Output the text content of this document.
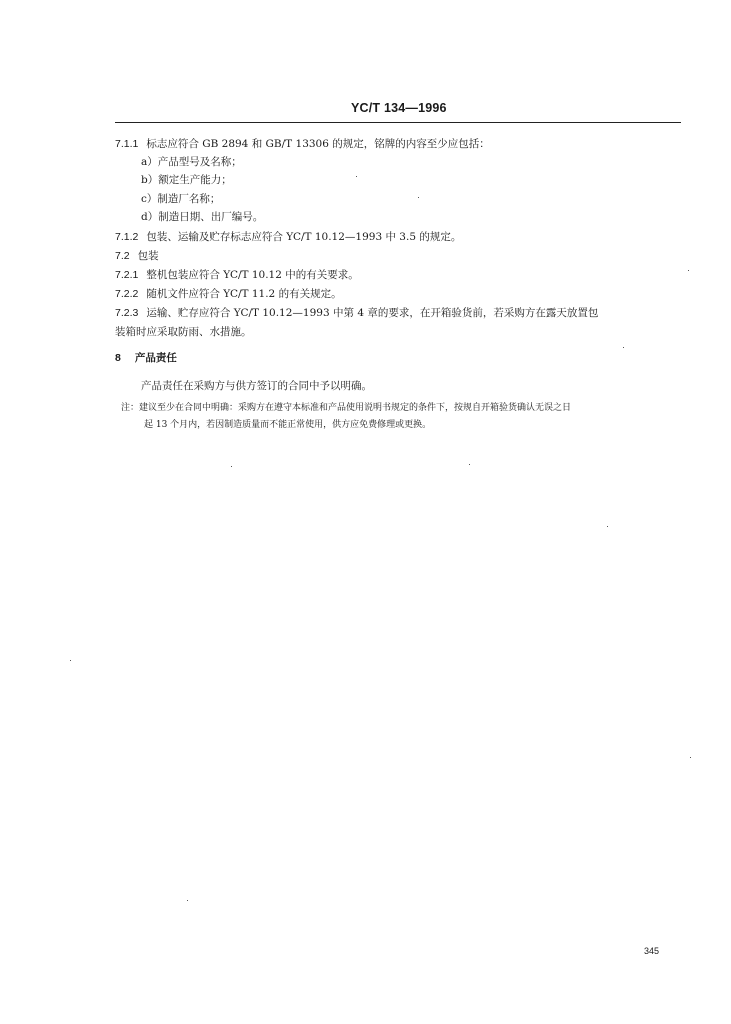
YC/T 134—1996
7.1.1 标志应符合 GB 2894 和 GB/T 13306 的规定，铭牌的内容至少应包括：
a）产品型号及名称；
b）额定生产能力；
c）制造厂名称；
d）制造日期、出厂编号。
7.1.2 包装、运输及贮存标志应符合 YC/T 10.12—1993 中 3.5 的规定。
7.2 包装
7.2.1 整机包装应符合 YC/T 10.12 中的有关要求。
7.2.2 随机文件应符合 YC/T 11.2 的有关规定。
7.2.3 运输、贮存应符合 YC/T 10.12—1993 中第 4 章的要求，在开箱验货前，若采购方在露天放置包
装箱时应采取防雨、水措施。
8 产品责任
产品责任在采购方与供方签订的合同中予以明确。
注：建议至少在合同中明确：采购方在遵守本标准和产品使用说明书规定的条件下，按规自开箱验货确认无误之日
起 13 个月内，若因制造质量而不能正常使用，供方应免费修理或更换。
345
